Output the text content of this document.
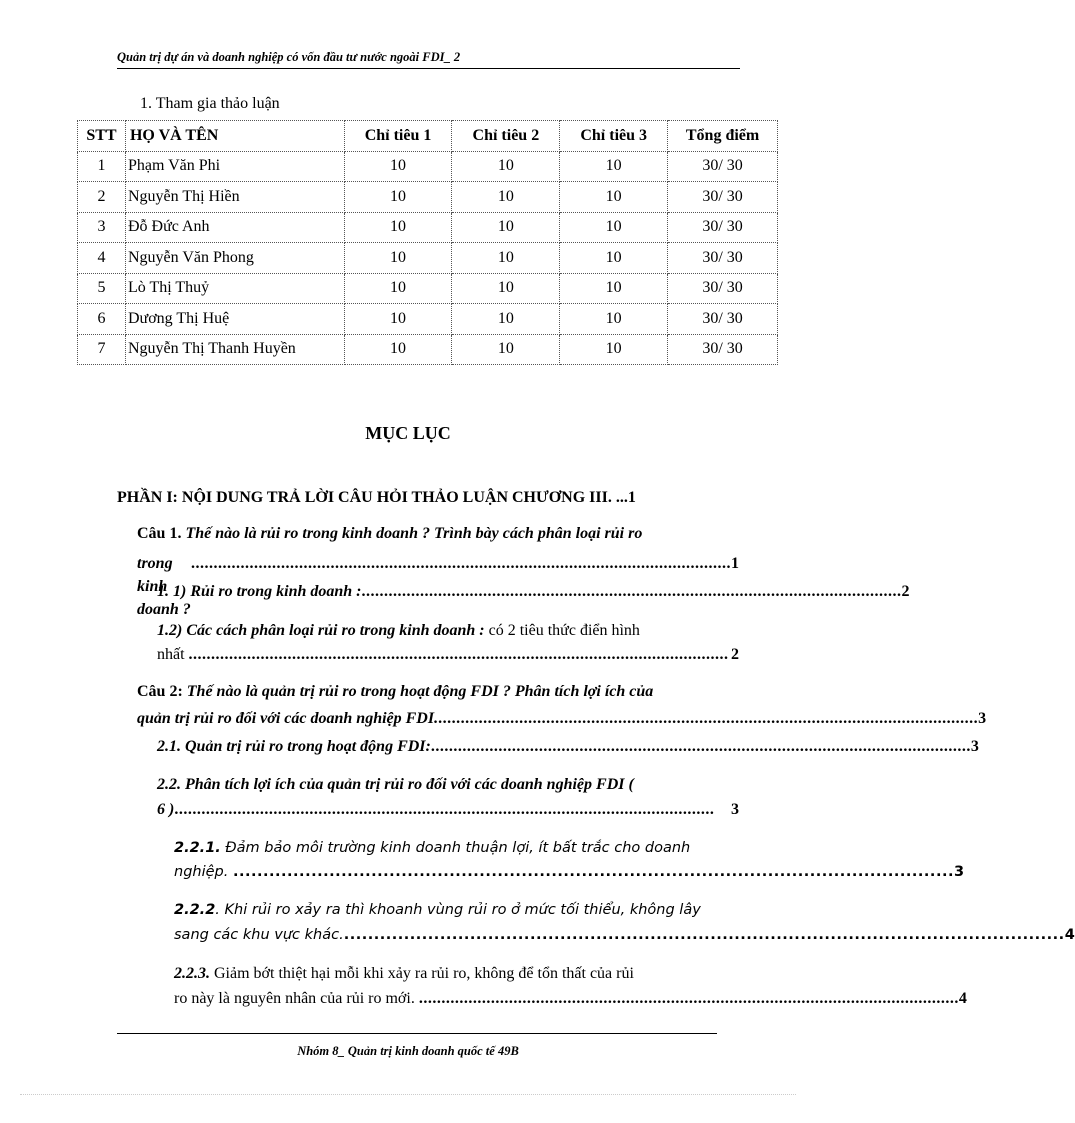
Quản trị dự án và doanh nghiệp có vốn đầu tư nước ngoài FDI_ 2
1. Tham gia thảo luận
STT	HỌ VÀ TÊN	Chỉ tiêu 1	Chỉ tiêu 2	Chỉ tiêu 3	Tổng điểm
1	Phạm Văn Phi	10	10	10	30/ 30
2	Nguyễn Thị Hiền	10	10	10	30/ 30
3	Đỗ Đức Anh	10	10	10	30/ 30
4	Nguyễn Văn Phong	10	10	10	30/ 30
5	Lò Thị Thuỷ	10	10	10	30/ 30
6	Dương Thị Huệ	10	10	10	30/ 30
7	Nguyễn Thị Thanh Huyền	10	10	10	30/ 30
MỤC LỤC
PHẦN I: NỘI DUNG TRẢ LỜI CÂU HỎI THẢO LUẬN CHƯƠNG III. ...1
Câu 1. Thế nào là rủi ro trong kinh doanh ? Trình bày cách phân loại rủi ro
trong kinh doanh ?
........................................................................................................................ 1
1. 1) Rủi ro trong kinh doanh : ........................................................................................................................ 2
1.2) Các cách phân loại rủi ro trong kinh doanh : có 2 tiêu thức điển hình
nhất
........................................................................................................................ 2
Câu 2: Thế nào là quản trị rủi ro trong hoạt động FDI ? Phân tích lợi ích của
quản trị rủi ro đối với các doanh nghiệp FDI. ........................................................................................................................ 3
2.1. Quản trị rủi ro trong hoạt động FDI: ........................................................................................................................ 3
2.2. Phân tích lợi ích của quản trị rủi ro đối với các doanh nghiệp FDI (
6 ) ........................................................................................................................	3
2.2.1. Đảm bảo môi trường kinh doanh thuận lợi, ít bất trắc cho doanh
nghiệp.
........................................................................................................................ 3
2.2.2. Khi rủi ro xảy ra thì khoanh vùng rủi ro ở mức tối thiểu, không lây
sang các khu vực khác. ........................................................................................................................ 4
2.2.3. Giảm bớt thiệt hại mỗi khi xảy ra rủi ro, không để tổn thất của rủi
ro này là nguyên nhân của rủi ro mới.
........................................................................................................................ 4
Nhóm 8_ Quản trị kinh doanh quốc tế 49B
